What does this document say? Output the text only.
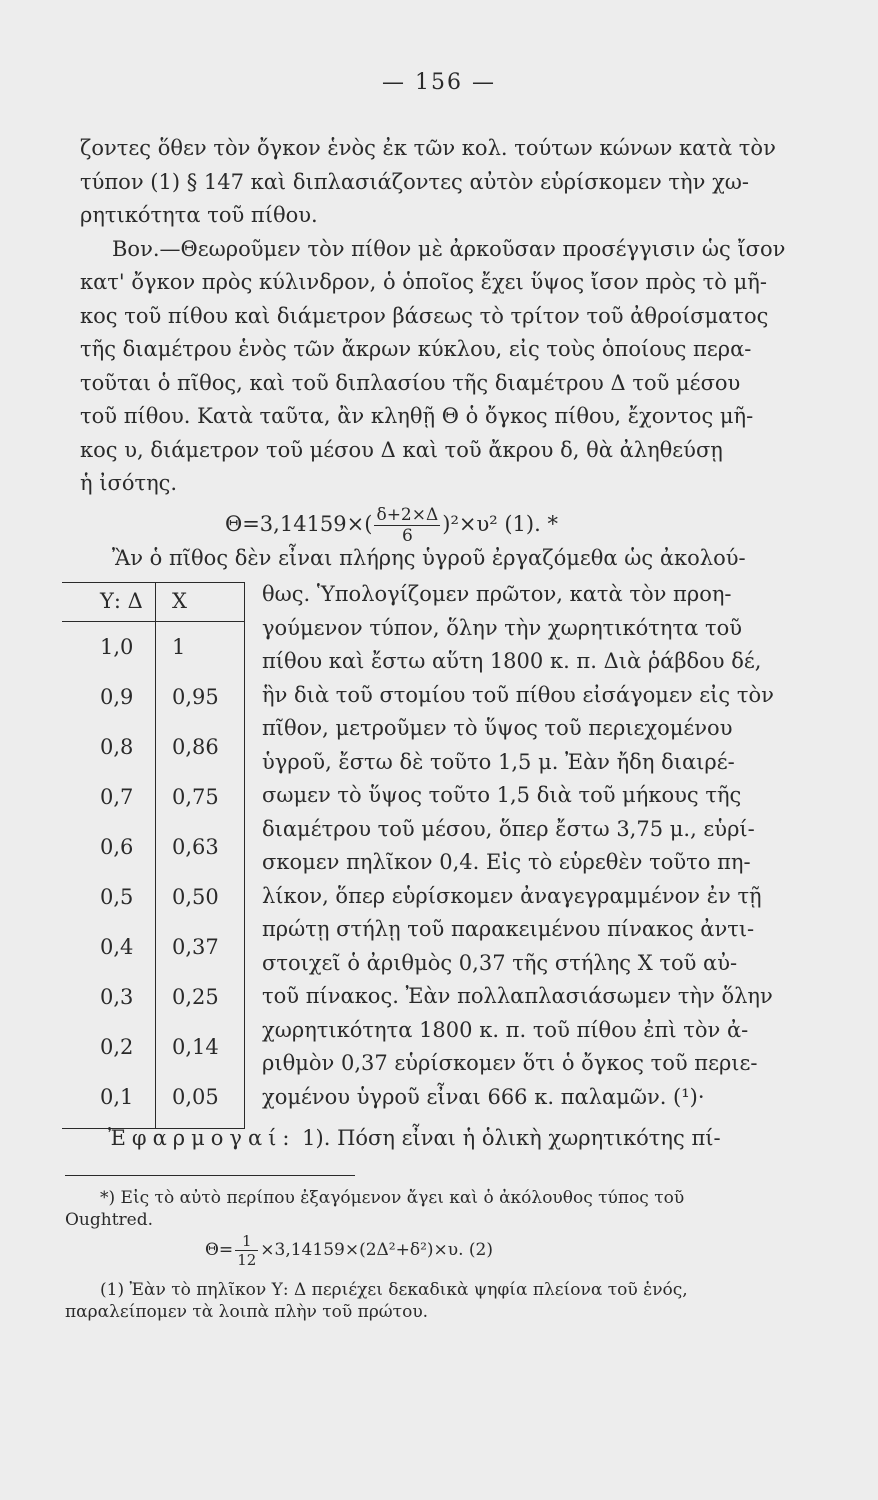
— 156 —
ζοντες ὅθεν τὸν ὄγκον ἑνὸς ἐκ τῶν κολ. τούτων κώνων κατὰ τὸν
τύπον (1) § 147 καὶ διπλασιάζοντες αὐτὸν εὑρίσκομεν τὴν χω-
ρητικότητα τοῦ πίθου.
Βον.—Θεωροῦμεν τὸν πίθον μὲ ἀρκοῦσαν προσέγγισιν ὡς ἴσον
κατ' ὄγκον πρὸς κύλινδρον, ὁ ὁποῖος ἔχει ὕψος ἴσον πρὸς τὸ μῆ-
κος τοῦ πίθου καὶ διάμετρον βάσεως τὸ τρίτον τοῦ ἀθροίσματος
τῆς διαμέτρου ἑνὸς τῶν ἄκρων κύκλου, εἰς τοὺς ὁποίους περα-
τοῦται ὁ πῖθος, καὶ τοῦ διπλασίου τῆς διαμέτρου Δ τοῦ μέσου
τοῦ πίθου. Κατὰ ταῦτα, ἂν κληθῇ Θ ὁ ὄγκος πίθου, ἔχοντος μῆ-
κος υ, διάμετρον τοῦ μέσου Δ καὶ τοῦ ἄκρου δ, θὰ ἀληθεύσῃ
ἡ ἰσότης.
$\Theta=3,14159\times( \frac{\delta+2\times\Delta}{6} )^2\times\upsilon^2$ (1). *
Ἂν ὁ πῖθος δὲν εἶναι πλήρης ὑγροῦ ἐργαζόμεθα ὡς ἀκολού-
Υ: Δ Χ
1,0 1
0,9 0,95
0,8 0,86
0,7 0,75
0,6 0,63
0,5 0,50
0,4 0,37
0,3 0,25
0,2 0,14
0,1 0,05
θως. Ὑπολογίζομεν πρῶτον, κατὰ τὸν προη-
γούμενον τύπον, ὅλην τὴν χωρητικότητα τοῦ
πίθου καὶ ἔστω αὕτη 1800 κ. π. Διὰ ῥάβδου δέ,
ἣν διὰ τοῦ στομίου τοῦ πίθου εἰσάγομεν εἰς τὸν
πῖθον, μετροῦμεν τὸ ὕψος τοῦ περιεχομένου
ὑγροῦ, ἔστω δὲ τοῦτο 1,5 μ. Ἐὰν ἤδη διαιρέ-
σωμεν τὸ ὕψος τοῦτο 1,5 διὰ τοῦ μήκους τῆς
διαμέτρου τοῦ μέσου, ὅπερ ἔστω 3,75 μ., εὑρί-
σκομεν πηλῖκον 0,4. Εἰς τὸ εὑρεθὲν τοῦτο πη-
λίκον, ὅπερ εὑρίσκομεν ἀναγεγραμμένον ἐν τῇ
πρώτῃ στήλῃ τοῦ παρακειμένου πίνακος ἀντι-
στοιχεῖ ὁ ἀριθμὸς 0,37 τῆς στήλης Χ τοῦ αὐ-
τοῦ πίνακος. Ἐὰν πολλαπλασιάσωμεν τὴν ὅλην
χωρητικότητα 1800 κ. π. τοῦ πίθου ἐπὶ τὸν ἀ-
ριθμὸν 0,37 εὑρίσκομεν ὅτι ὁ ὄγκος τοῦ περιε-
χομένου ὑγροῦ εἶναι 666 κ. παλαμῶν. (¹)·
Ἐφαρμογαί: 1). Πόση εἶναι ἡ ὁλικὴ χωρητικότης πί-
*) Εἰς τὸ αὐτὸ περίπου ἐξαγόμενον ἄγει καὶ ὁ ἀκόλουθος τύπος τοῦ
Oughtred.
$\Theta= \frac{1}{12} \times 3,14159\times(2\Delta^2+\delta^2)\times\upsilon$. (2)
(1) Ἐὰν τὸ πηλῖκον Υ: Δ περιέχει δεκαδικὰ ψηφία πλείονα τοῦ ἑνός,
παραλείπομεν τὰ λοιπὰ πλὴν τοῦ πρώτου.
